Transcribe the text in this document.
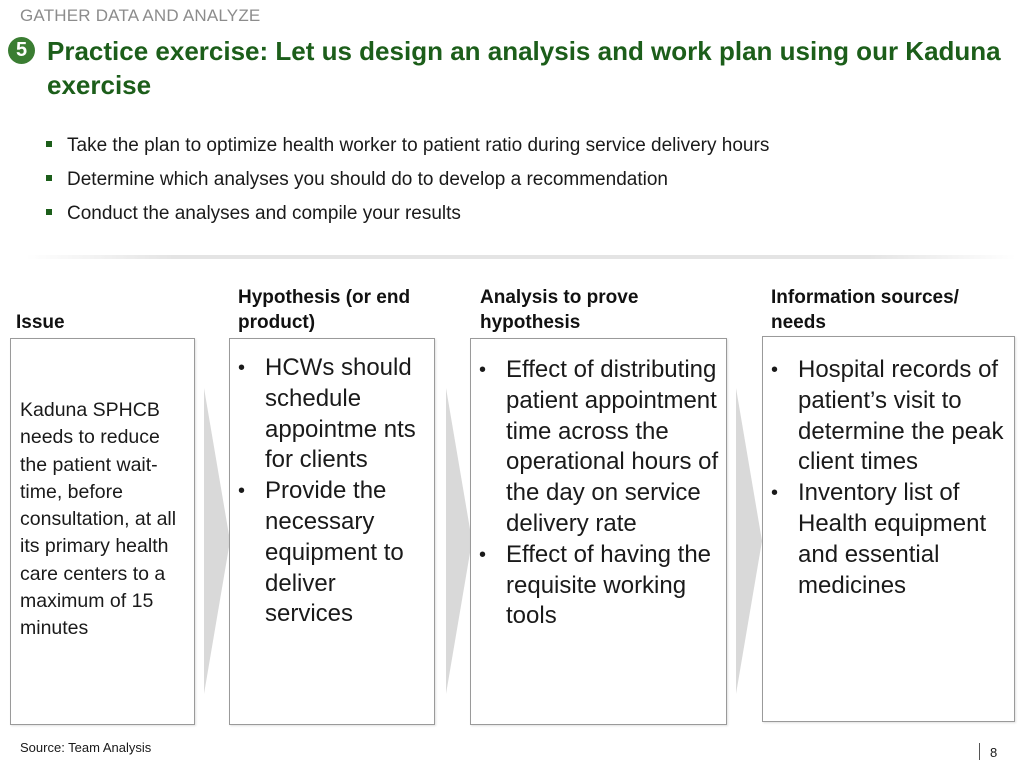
GATHER DATA AND ANALYZE
5 Practice exercise: Let us design an analysis and work plan using our Kaduna exercise
Take the plan to optimize health worker to patient ratio during service delivery hours
Determine which analyses you should do to develop a recommendation
Conduct the analyses and compile your results
Issue
Hypothesis (or end product)
Analysis to prove hypothesis
Information sources/ needs
Kaduna SPHCB needs to reduce the patient wait-time, before consultation, at all its primary health care centers to a maximum of 15 minutes
• HCWs should schedule appointme nts for clients
• Provide the necessary equipment to deliver services
• Effect of distributing patient appointment time across the operational hours of the day on service delivery rate
• Effect of having the requisite working tools
• Hospital records of patient’s visit to determine the peak client times
• Inventory list of Health equipment and essential medicines
Source: Team Analysis	8
